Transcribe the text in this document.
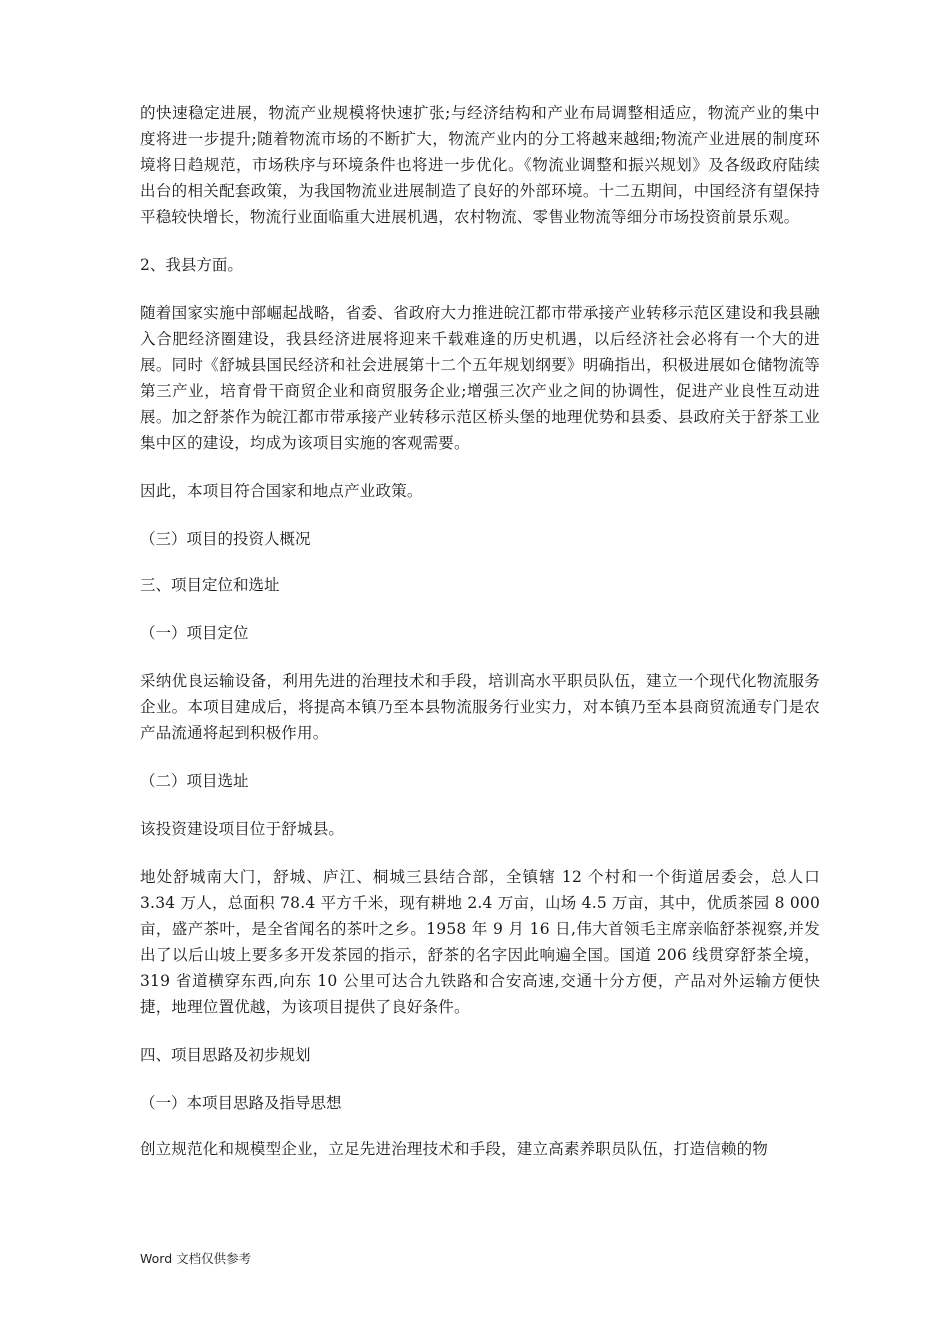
的快速稳定进展，物流产业规模将快速扩张;与经济结构和产业布局调整相适应，物流产业的集中度将进一步提升;随着物流市场的不断扩大，物流产业内的分工将越来越细;物流产业进展的制度环境将日趋规范，市场秩序与环境条件也将进一步优化。《物流业调整和振兴规划》及各级政府陆续出台的相关配套政策，为我国物流业进展制造了良好的外部环境。十二五期间，中国经济有望保持平稳较快增长，物流行业面临重大进展机遇，农村物流、零售业物流等细分市场投资前景乐观。

2、我县方面。

随着国家实施中部崛起战略，省委、省政府大力推进皖江都市带承接产业转移示范区建设和我县融入合肥经济圈建设，我县经济进展将迎来千载难逢的历史机遇，以后经济社会必将有一个大的进展。同时《舒城县国民经济和社会进展第十二个五年规划纲要》明确指出，积极进展如仓储物流等第三产业，培育骨干商贸企业和商贸服务企业;增强三次产业之间的协调性，促进产业良性互动进展。加之舒茶作为皖江都市带承接产业转移示范区桥头堡的地理优势和县委、县政府关于舒茶工业集中区的建设，均成为该项目实施的客观需要。

因此，本项目符合国家和地点产业政策。

（三）项目的投资人概况

三、项目定位和选址

（一）项目定位

采纳优良运输设备，利用先进的治理技术和手段，培训高水平职员队伍，建立一个现代化物流服务企业。本项目建成后，将提高本镇乃至本县物流服务行业实力，对本镇乃至本县商贸流通专门是农产品流通将起到积极作用。

（二）项目选址

该投资建设项目位于舒城县。

地处舒城南大门，舒城、庐江、桐城三县结合部，全镇辖 12 个村和一个街道居委会，总人口 3.34 万人，总面积 78.4 平方千米，现有耕地 2.4 万亩，山场 4.5 万亩，其中，优质茶园 8 000 亩，盛产茶叶，是全省闻名的茶叶之乡。1958 年 9 月 16 日,伟大首领毛主席亲临舒茶视察,并发出了以后山坡上要多多开发茶园的指示，舒茶的名字因此响遍全国。国道 206 线贯穿舒茶全境，319 省道横穿东西,向东 10 公里可达合九铁路和合安高速,交通十分方便，产品对外运输方便快捷，地理位置优越，为该项目提供了良好条件。

四、项目思路及初步规划

（一）本项目思路及指导思想

创立规范化和规模型企业，立足先进治理技术和手段，建立高素养职员队伍，打造信赖的物

Word 文档仅供参考
